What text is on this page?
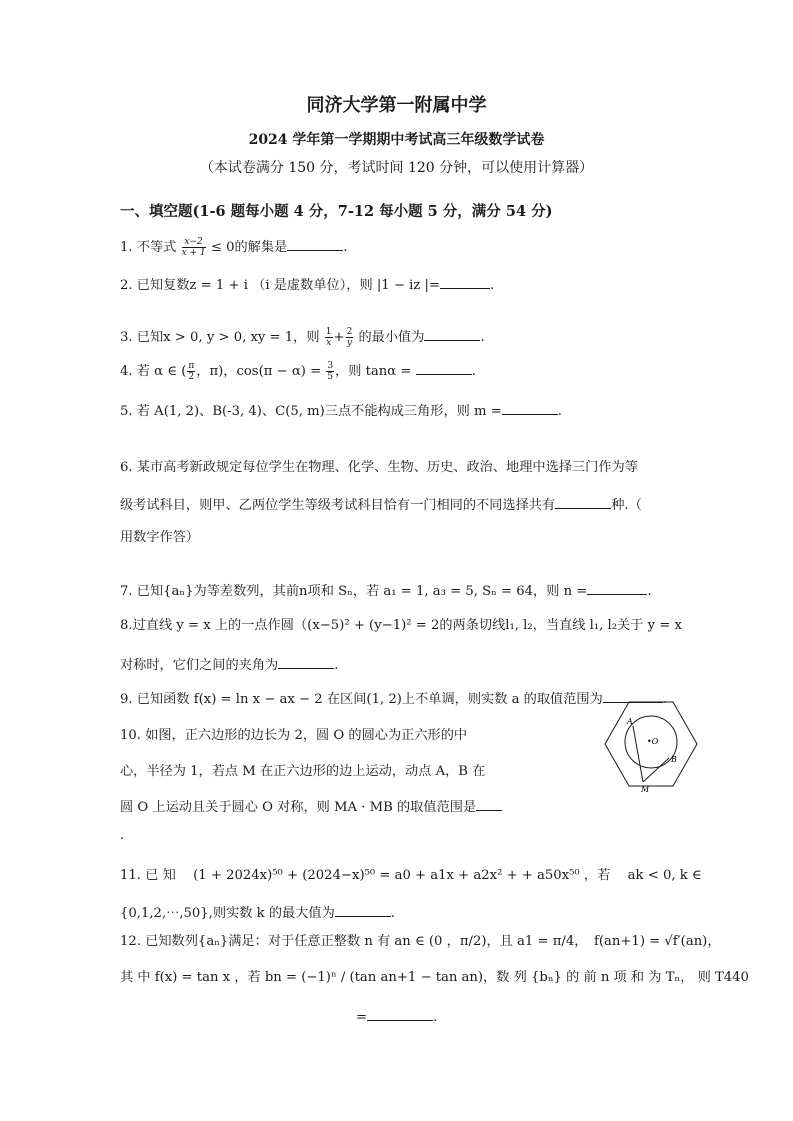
同济大学第一附属中学
2024 学年第一学期期中考试高三年级数学试卷
（本试卷满分 150 分，考试时间 120 分钟，可以使用计算器）
一、填空题(1-6 题每小题 4 分，7-12 每小题 5 分，满分 54 分)
1. 不等式 $\frac{x-2}{x + 1} \le 0$的解集是	.
2. 已知复数z = 1 + i （i 是虚数单位），则 |1 − iz |=	.
3. 已知x > 0, y > 0, xy = 1，则 $\frac{1}{x} + \frac{2}{y}$ 的最小值为	.
4. 若 α ∈ ( $\frac{\pi}{2}$ ，π)，$\cos(\pi - \alpha) = \frac{3}{5}$ ，则 tanα =	.
5. 若 A(1, 2)、B(-3, 4)、C(5, m)三点不能构成三角形，则 m =	.
6. 某市高考新政规定每位学生在物理、化学、生物、历史、政治、地理中选择三门作为等
级考试科目，则甲、乙两位学生等级考试科目恰有一门相同的不同选择共有	种.（
用数字作答）
7. 已知{aₙ}为等差数列，其前n项和 Sₙ，若 a₁ = 1, a₃ = 5, Sₙ = 64，则 n =	.
8.过直线 y = x 上的一点作圆（(x−5)² + (y−1)² = 2的两条切线l₁, l₂，当直线 l₁, l₂关于 y = x
对称时，它们之间的夹角为	.
9. 已知函数 f(x) = ln x − ax − 2 在区间(1, 2)上不单调，则实数 a 的取值范围为	.
10. 如图，正六边形的边长为 2，圆 O 的圆心为正六形的中
心，半径为 1，若点 M 在正六边形的边上运动，动点 A，B 在
圆 O 上运动且关于圆心 O 对称，则 MA · MB 的取值范围是
.
A
•O
B
M
11. 已 知 　(1 + 2024x)⁵⁰ + (2024−x)⁵⁰ = a0 + a1x + a2x² + + a50x⁵⁰ ，若 　ak < 0, k ∈
{0,1,2,⋯,50},则实数 k 的最大值为	.
12. 已知数列{aₙ}满足：对于任意正整数 n 有 an ∈ (0 ，π/2)，且 a1 = π/4，　f(an+1) = √f′(an)，
其 中 f(x) = tan x ，若 bn = (−1)ⁿ / (tan an+1 − tan an)，数 列 {bₙ} 的 前 n 项 和 为 Tₙ， 则 T440
=	.
